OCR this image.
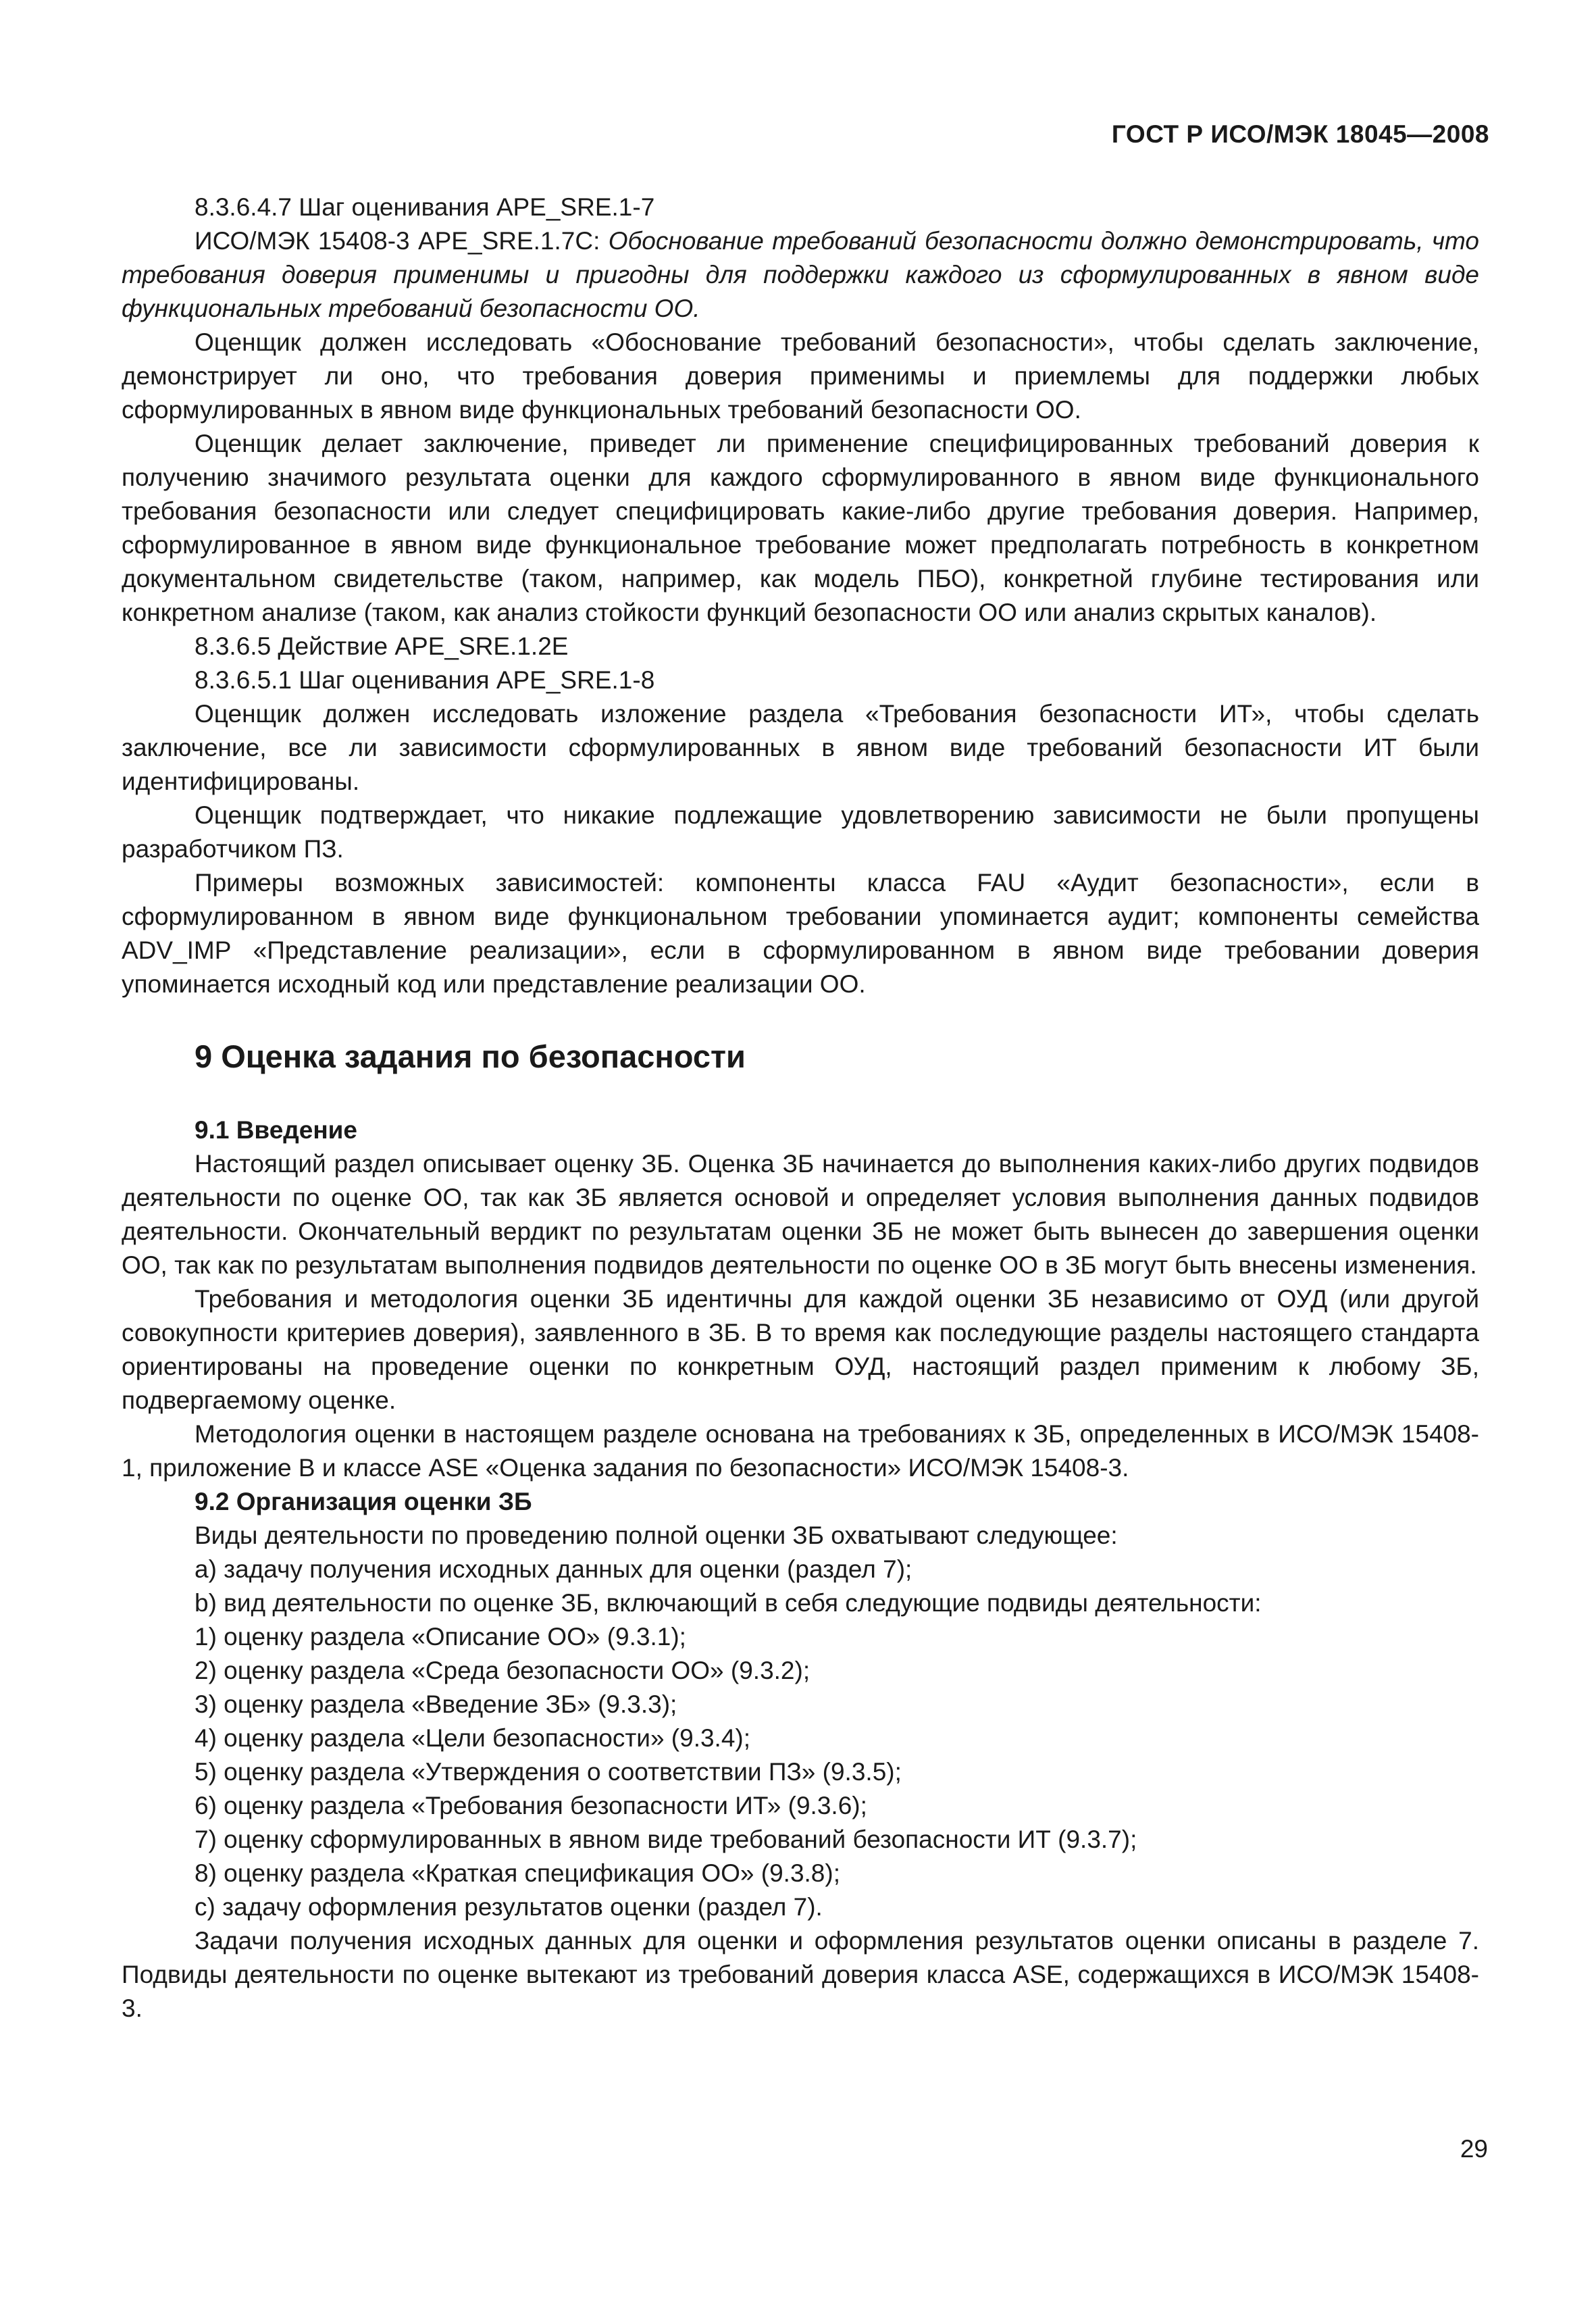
ГОСТ Р ИСО/МЭК 18045—2008

8.3.6.4.7 Шаг оценивания APE_SRE.1-7

ИСО/МЭК 15408-3 APE_SRE.1.7C: Обоснование требований безопасности должно демонстрировать, что требования доверия применимы и пригодны для поддержки каждого из сформулированных в явном виде функциональных требований безопасности ОО.

Оценщик должен исследовать «Обоснование требований безопасности», чтобы сделать заключение, демонстрирует ли оно, что требования доверия применимы и приемлемы для поддержки любых сформулированных в явном виде функциональных требований безопасности ОО.

Оценщик делает заключение, приведет ли применение специфицированных требований доверия к получению значимого результата оценки для каждого сформулированного в явном виде функционального требования безопасности или следует специфицировать какие-либо другие требования доверия. Например, сформулированное в явном виде функциональное требование может предполагать потребность в конкретном документальном свидетельстве (таком, например, как модель ПБО), конкретной глубине тестирования или конкретном анализе (таком, как анализ стойкости функций безопасности ОО или анализ скрытых каналов).

8.3.6.5 Действие APE_SRE.1.2E

8.3.6.5.1 Шаг оценивания APE_SRE.1-8

Оценщик должен исследовать изложение раздела «Требования безопасности ИТ», чтобы сделать заключение, все ли зависимости сформулированных в явном виде требований безопасности ИТ были идентифицированы.

Оценщик подтверждает, что никакие подлежащие удовлетворению зависимости не были пропущены разработчиком ПЗ.

Примеры возможных зависимостей: компоненты класса FAU «Аудит безопасности», если в сформулированном в явном виде функциональном требовании упоминается аудит; компоненты семейства ADV_IMP «Представление реализации», если в сформулированном в явном виде требовании доверия упоминается исходный код или представление реализации ОО.

9 Оценка задания по безопасности

9.1 Введение

Настоящий раздел описывает оценку ЗБ. Оценка ЗБ начинается до выполнения каких-либо других подвидов деятельности по оценке ОО, так как ЗБ является основой и определяет условия выполнения данных подвидов деятельности. Окончательный вердикт по результатам оценки ЗБ не может быть вынесен до завершения оценки ОО, так как по результатам выполнения подвидов деятельности по оценке ОО в ЗБ могут быть внесены изменения.

Требования и методология оценки ЗБ идентичны для каждой оценки ЗБ независимо от ОУД (или другой совокупности критериев доверия), заявленного в ЗБ. В то время как последующие разделы настоящего стандарта ориентированы на проведение оценки по конкретным ОУД, настоящий раздел применим к любому ЗБ, подвергаемому оценке.

Методология оценки в настоящем разделе основана на требованиях к ЗБ, определенных в ИСО/МЭК 15408-1, приложение В и классе ASE «Оценка задания по безопасности» ИСО/МЭК 15408-3.

9.2 Организация оценки ЗБ

Виды деятельности по проведению полной оценки ЗБ охватывают следующее:

a) задачу получения исходных данных для оценки (раздел 7);

b) вид деятельности по оценке ЗБ, включающий в себя следующие подвиды деятельности:

1) оценку раздела «Описание ОО» (9.3.1);

2) оценку раздела «Среда безопасности ОО» (9.3.2);

3) оценку раздела «Введение ЗБ» (9.3.3);

4) оценку раздела «Цели безопасности» (9.3.4);

5) оценку раздела «Утверждения о соответствии ПЗ» (9.3.5);

6) оценку раздела «Требования безопасности ИТ» (9.3.6);

7) оценку сформулированных в явном виде требований безопасности ИТ (9.3.7);

8) оценку раздела «Краткая спецификация ОО» (9.3.8);

c) задачу оформления результатов оценки (раздел 7).

Задачи получения исходных данных для оценки и оформления результатов оценки описаны в разделе 7. Подвиды деятельности по оценке вытекают из требований доверия класса ASE, содержащихся в ИСО/МЭК 15408-3.

29
